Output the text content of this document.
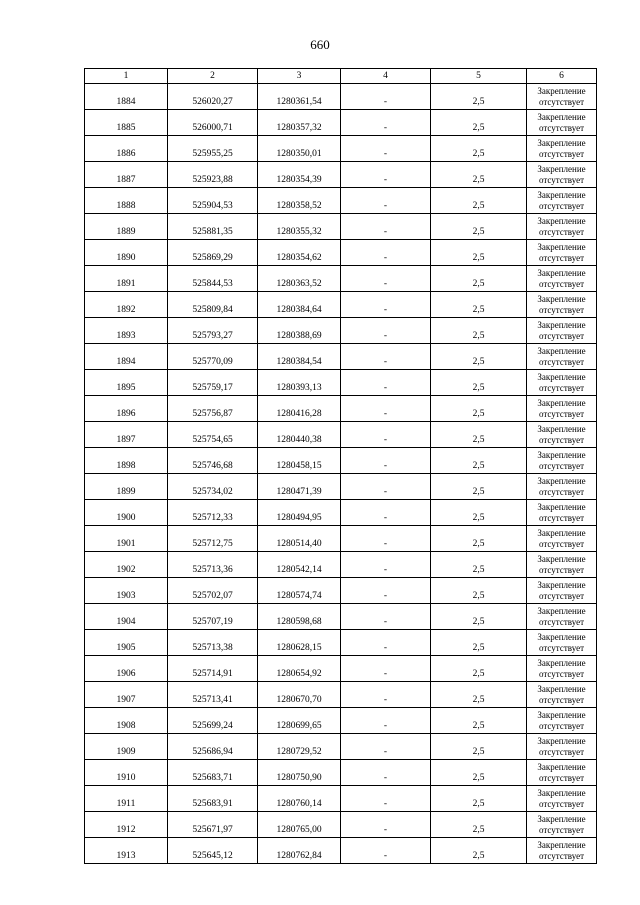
660
1	2	3	4	5	6
1884	526020,27	1280361,54	-	2,5	Закрепление
отсутствует

1885	526000,71	1280357,32	-	2,5	Закрепление
отсутствует

1886	525955,25	1280350,01	-	2,5	Закрепление
отсутствует

1887	525923,88	1280354,39	-	2,5	Закрепление
отсутствует

1888	525904,53	1280358,52	-	2,5	Закрепление
отсутствует

1889	525881,35	1280355,32	-	2,5	Закрепление
отсутствует

1890	525869,29	1280354,62	-	2,5	Закрепление
отсутствует

1891	525844,53	1280363,52	-	2,5	Закрепление
отсутствует

1892	525809,84	1280384,64	-	2,5	Закрепление
отсутствует

1893	525793,27	1280388,69	-	2,5	Закрепление
отсутствует

1894	525770,09	1280384,54	-	2,5	Закрепление
отсутствует

1895	525759,17	1280393,13	-	2,5	Закрепление
отсутствует

1896	525756,87	1280416,28	-	2,5	Закрепление
отсутствует

1897	525754,65	1280440,38	-	2,5	Закрепление
отсутствует

1898	525746,68	1280458,15	-	2,5	Закрепление
отсутствует

1899	525734,02	1280471,39	-	2,5	Закрепление
отсутствует

1900	525712,33	1280494,95	-	2,5	Закрепление
отсутствует

1901	525712,75	1280514,40	-	2,5	Закрепление
отсутствует

1902	525713,36	1280542,14	-	2,5	Закрепление
отсутствует

1903	525702,07	1280574,74	-	2,5	Закрепление
отсутствует

1904	525707,19	1280598,68	-	2,5	Закрепление
отсутствует

1905	525713,38	1280628,15	-	2,5	Закрепление
отсутствует

1906	525714,91	1280654,92	-	2,5	Закрепление
отсутствует

1907	525713,41	1280670,70	-	2,5	Закрепление
отсутствует

1908	525699,24	1280699,65	-	2,5	Закрепление
отсутствует

1909	525686,94	1280729,52	-	2,5	Закрепление
отсутствует

1910	525683,71	1280750,90	-	2,5	Закрепление
отсутствует

1911	525683,91	1280760,14	-	2,5	Закрепление
отсутствует

1912	525671,97	1280765,00	-	2,5	Закрепление
отсутствует

1913	525645,12	1280762,84	-	2,5	Закрепление
отсутствует
